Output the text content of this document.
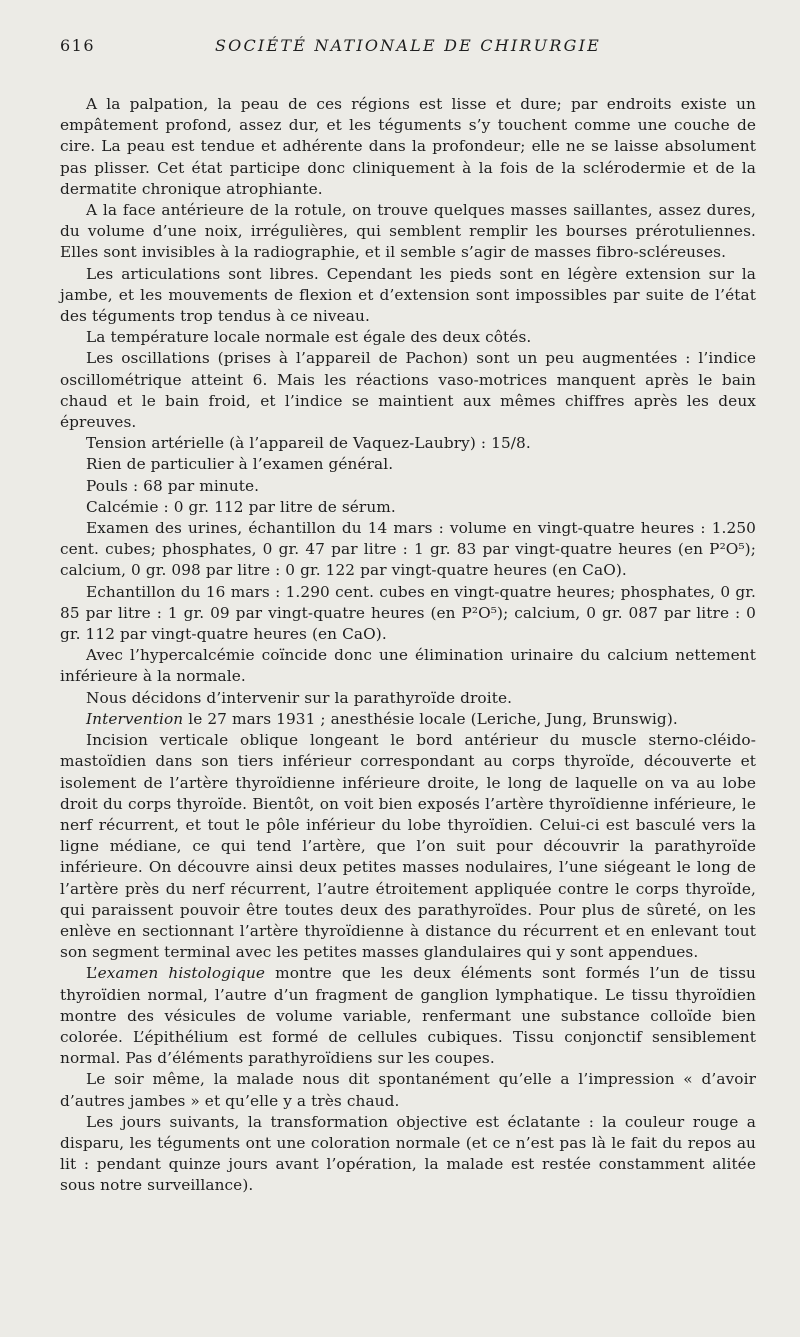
616	SOCIÉTÉ NATIONALE DE CHIRURGIE

A la palpation, la peau de ces régions est lisse et dure; par endroits existe un empâtement profond, assez dur, et les téguments s’y touchent comme une couche de cire. La peau est tendue et adhérente dans la profondeur; elle ne se laisse absolument pas plisser. Cet état participe donc cliniquement à la fois de la sclérodermie et de la dermatite chronique atrophiante.

A la face antérieure de la rotule, on trouve quelques masses saillantes, assez dures, du volume d’une noix, irrégulières, qui semblent remplir les bourses prérotuliennes. Elles sont invisibles à la radiographie, et il semble s’agir de masses fibro-scléreuses.

Les articulations sont libres. Cependant les pieds sont en légère extension sur la jambe, et les mouvements de flexion et d’extension sont impossibles par suite de l’état des téguments trop tendus à ce niveau.

La température locale normale est égale des deux côtés.

Les oscillations (prises à l’appareil de Pachon) sont un peu augmentées : l’indice oscillométrique atteint 6. Mais les réactions vaso-motrices manquent après le bain chaud et le bain froid, et l’indice se maintient aux mêmes chiffres après les deux épreuves.

Tension artérielle (à l’appareil de Vaquez-Laubry) : 15/8.

Rien de particulier à l’examen général.

Pouls : 68 par minute.

Calcémie : 0 gr. 112 par litre de sérum.

Examen des urines, échantillon du 14 mars : volume en vingt-quatre heures : 1.250 cent. cubes; phosphates, 0 gr. 47 par litre : 1 gr. 83 par vingt-quatre heures (en P²O⁵); calcium, 0 gr. 098 par litre : 0 gr. 122 par vingt-quatre heures (en CaO).

Echantillon du 16 mars : 1.290 cent. cubes en vingt-quatre heures; phosphates, 0 gr. 85 par litre : 1 gr. 09 par vingt-quatre heures (en P²O⁵); calcium, 0 gr. 087 par litre : 0 gr. 112 par vingt-quatre heures (en CaO).

Avec l’hypercalcémie coïncide donc une élimination urinaire du calcium nettement inférieure à la normale.

Nous décidons d’intervenir sur la parathyroïde droite.

Intervention le 27 mars 1931 ; anesthésie locale (Leriche, Jung, Brunswig).

Incision verticale oblique longeant le bord antérieur du muscle sterno-cléido-mastoïdien dans son tiers inférieur correspondant au corps thyroïde, découverte et isolement de l’artère thyroïdienne inférieure droite, le long de laquelle on va au lobe droit du corps thyroïde. Bientôt, on voit bien exposés l’artère thyroïdienne inférieure, le nerf récurrent, et tout le pôle inférieur du lobe thyroïdien. Celui-ci est basculé vers la ligne médiane, ce qui tend l’artère, que l’on suit pour découvrir la parathyroïde inférieure. On découvre ainsi deux petites masses nodulaires, l’une siégeant le long de l’artère près du nerf récurrent, l’autre étroitement appliquée contre le corps thyroïde, qui paraissent pouvoir être toutes deux des parathyroïdes. Pour plus de sûreté, on les enlève en sectionnant l’artère thyroïdienne à distance du récurrent et en enlevant tout son segment terminal avec les petites masses glandulaires qui y sont appendues.

L’examen histologique montre que les deux éléments sont formés l’un de tissu thyroïdien normal, l’autre d’un fragment de ganglion lymphatique. Le tissu thyroïdien montre des vésicules de volume variable, renfermant une substance colloïde bien colorée. L’épithélium est formé de cellules cubiques. Tissu conjonctif sensiblement normal. Pas d’éléments parathyroïdiens sur les coupes.

Le soir même, la malade nous dit spontanément qu’elle a l’impression « d’avoir d’autres jambes » et qu’elle y a très chaud.

Les jours suivants, la transformation objective est éclatante : la couleur rouge a disparu, les téguments ont une coloration normale (et ce n’est pas là le fait du repos au lit : pendant quinze jours avant l’opération, la malade est restée constamment alitée sous notre surveillance).
